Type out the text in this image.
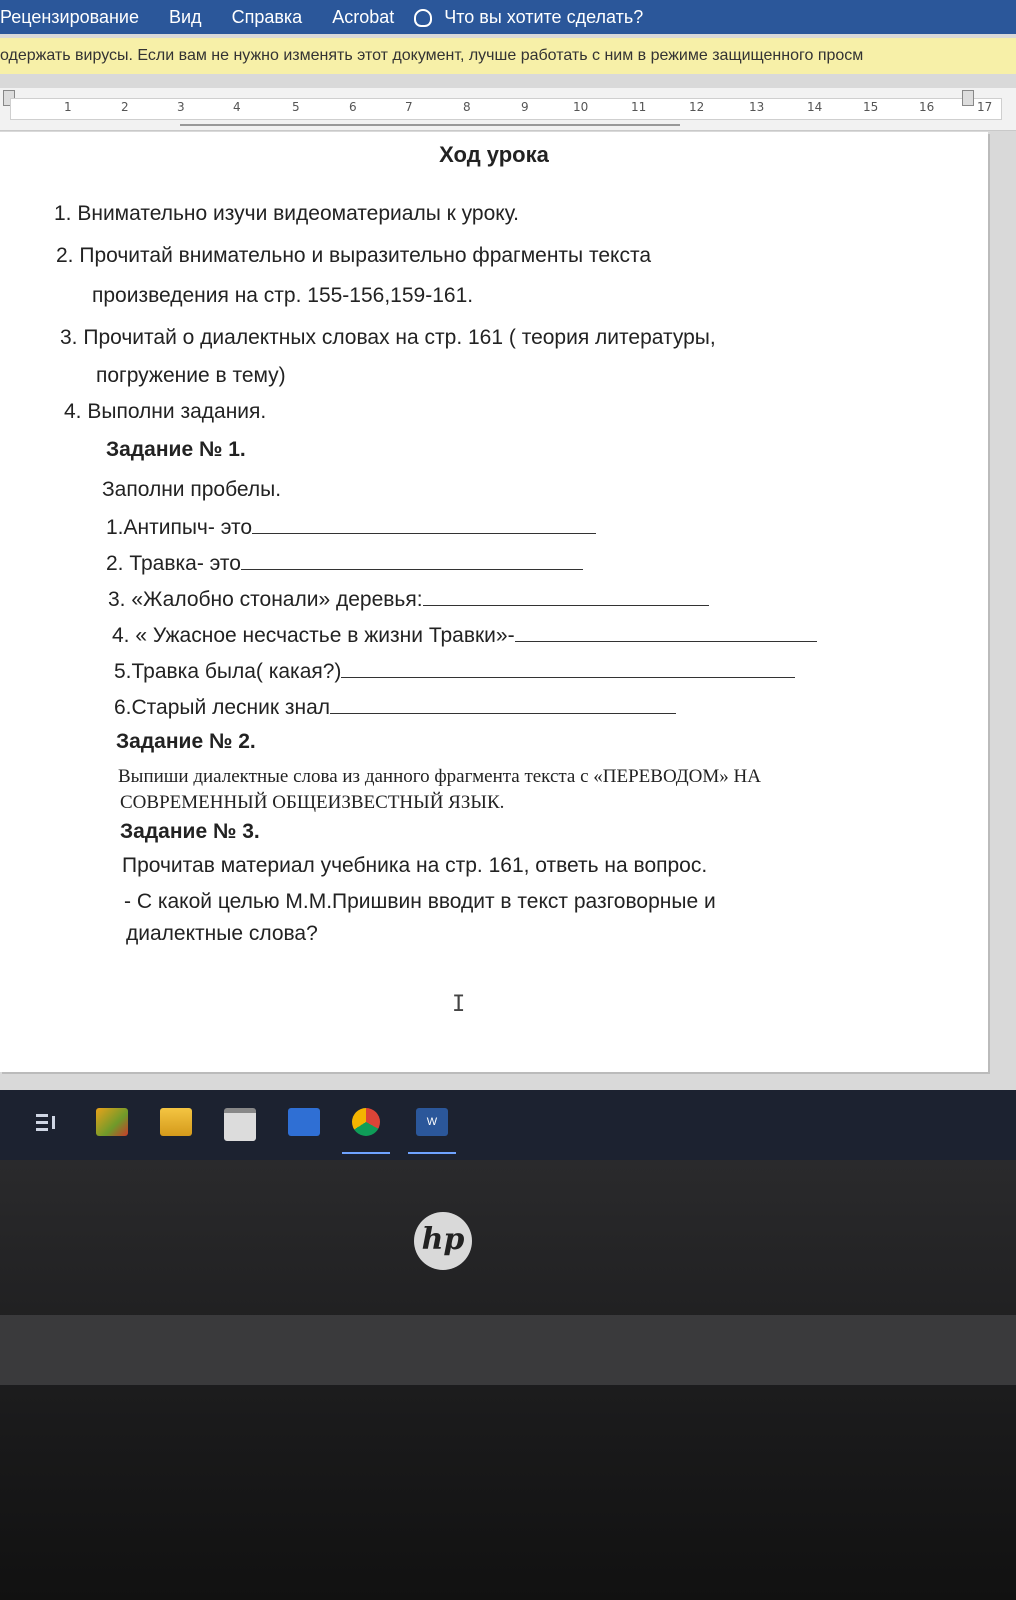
Рецензирование Вид Справка Acrobat	Что вы хотите сделать?
одержать вирусы. Если вам не нужно изменять этот документ, лучше работать с ним в режиме защищенного просм
1	2	3	4	5	6	7	8	9	10	11	12	13	14	15	16	17
Ход урока
1. Внимательно изучи видеоматериалы к уроку.
2. Прочитай внимательно и выразительно фрагменты текста
произведения на стр. 155-156,159-161.
3. Прочитай о диалектных словах на стр. 161 ( теория литературы,
погружение в тему)
4. Выполни задания.
Задание № 1.
Заполни пробелы.
1.Антипыч- это
2. Травка- это
3. «Жалобно стонали» деревья:
4. « Ужасное несчастье в жизни Травки»-
5.Травка была( какая?)
6.Старый лесник знал
Задание № 2.
Выпиши диалектные слова из данного фрагмента текста с «ПЕРЕВОДОМ» НА
СОВРЕМЕННЫЙ ОБЩЕИЗВЕСТНЫЙ ЯЗЫК.
Задание № 3.
Прочитав материал учебника на стр. 161, ответь на вопрос.
- С какой целью М.М.Пришвин вводит в текст разговорные и
диалектные слова?
I
W
hp
